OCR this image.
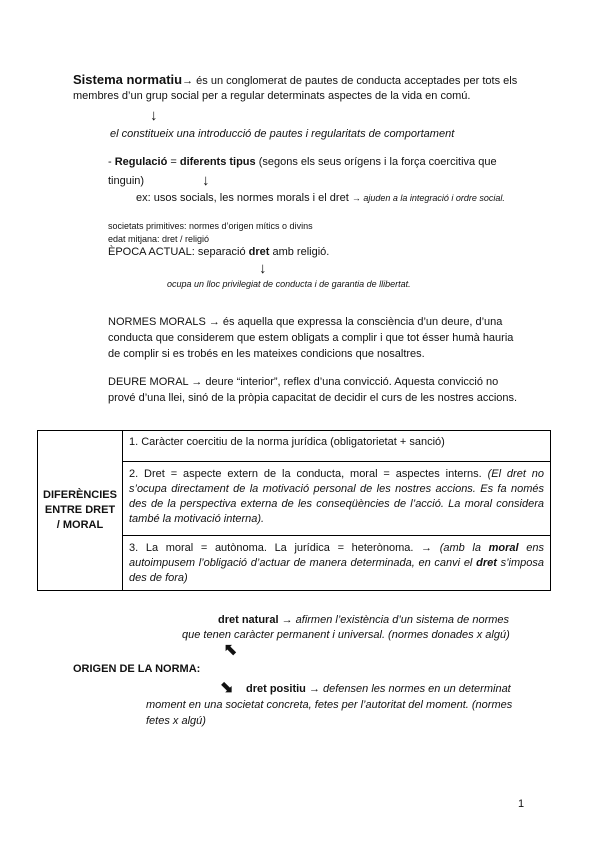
Sistema normatiu→ és un conglomerat de pautes de conducta acceptades per tots els
membres d’un grup social per a regular determinats aspectes de la vida en comú.
↓
el constitueix una introducció de pautes i regularitats de comportament
- Regulació = diferents tipus (segons els seus orígens i la força coercitiva que
tinguin)	↓
ex: usos socials, les normes morals i el dret → ajuden a la integració i ordre social.
societats primitives: normes d’origen mítics o divins
edat mitjana: dret / religió
ÈPOCA ACTUAL: separació dret amb religió.
↓
ocupa un lloc privilegiat de conducta i de garantia de llibertat.
NORMES MORALS → és aquella que expressa la consciència d’un deure, d’una
conducta que considerem que estem obligats a complir i que tot ésser humà hauria
de complir si es trobés en les mateixes condicions que nosaltres.
DEURE MORAL → deure “interior”, reflex d’una convicció. Aquesta convicció no
prové d’una llei, sinó de la pròpia capacitat de decidir el curs de les nostres accions.
DIFERÈNCIES
ENTRE DRET
/ MORAL
	1. Caràcter coercitiu de la norma jurídica (obligatorietat + sanció)
2. Dret = aspecte extern de la conducta, moral = aspectes interns. (El dret no s’ocupa directament de la motivació personal de les nostres accions. Es fa només des de la perspectiva externa de les conseqüències de l’acció. La moral considera també la motivació interna).
3. La moral = autònoma. La jurídica = heterònoma. → (amb la moral ens autoimpusem l’obligació d’actuar de manera determinada, en canvi el dret s’imposa des de fora)
dret natural → afirmen l’existència d’un sistema de normes
que tenen caràcter permanent i universal. (normes donades x algú)
⬉
ORIGEN DE LA NORMA:
⬊ dret positiu → defensen les normes en un determinat
moment en una societat concreta, fetes per l’autoritat del moment. (normes
fetes x algú)
1
